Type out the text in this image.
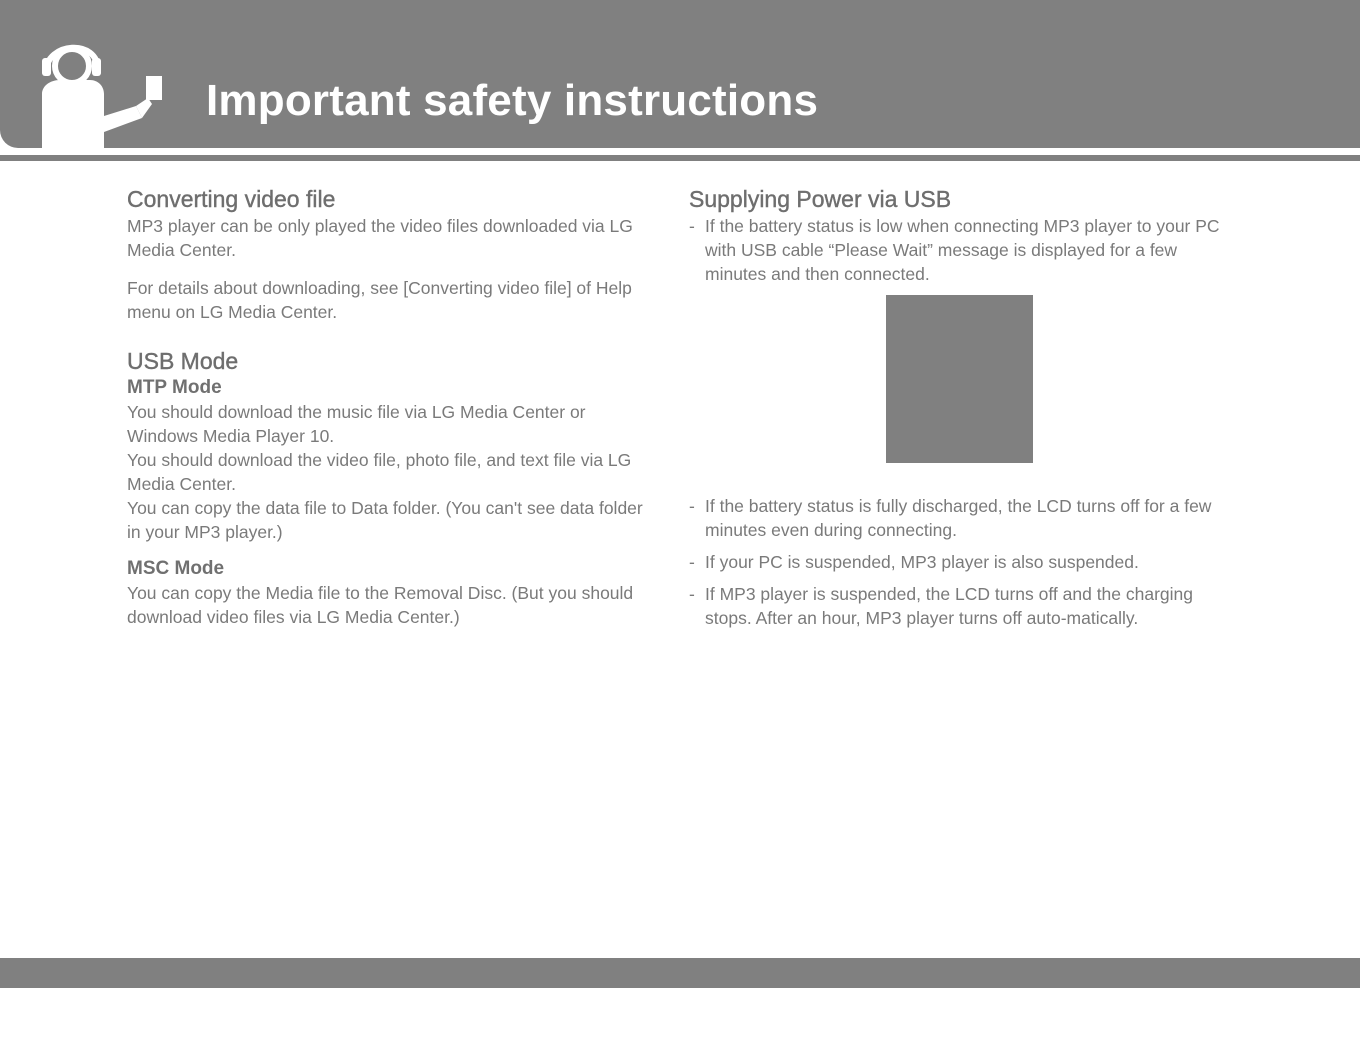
Important safety instructions
Converting video file

MP3 player can be only played the video files downloaded via LG Media Center.

For details about downloading, see [Converting video file] of Help menu on LG Media Center.

USB Mode
MTP Mode

You should download the music file via LG Media Center or Windows Media Player 10.

You should download the video file, photo file, and text file via LG Media Center.

You can copy the data file to Data folder. (You can't see data folder in your MP3 player.)

MSC Mode

You can copy the Media file to the Removal Disc. (But you should download video files via LG Media Center.)

Supplying Power via USB
- If the battery status is low when connecting MP3 player to your PC with USB cable “Please Wait” message is displayed for a few minutes and then connected.
- If the battery status is fully discharged, the LCD turns off for a few minutes even during connecting.
- If your PC is suspended, MP3 player is also suspended.
- If MP3 player is suspended, the LCD turns off and the charging stops. After an hour, MP3 player turns off auto-matically.
